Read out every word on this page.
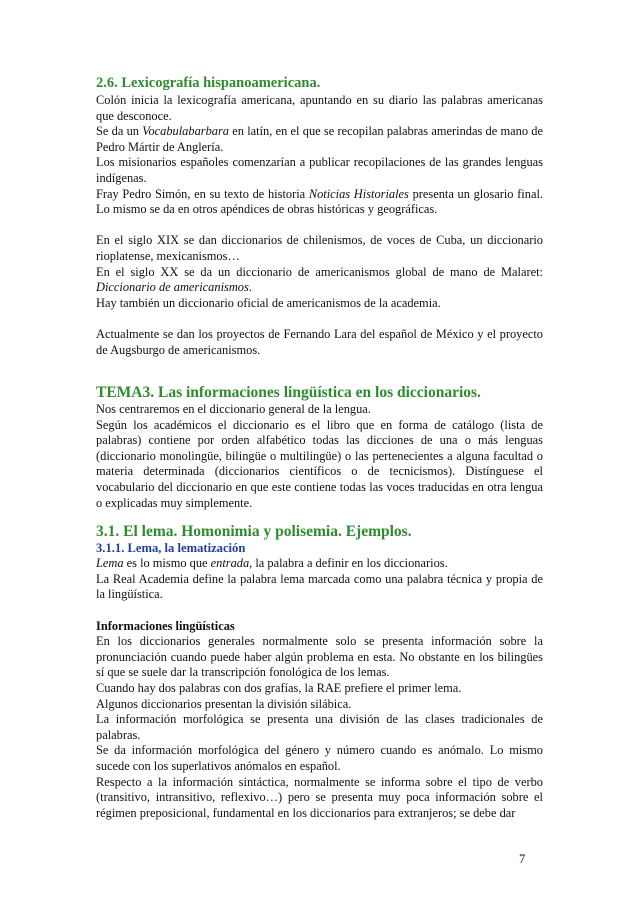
2.6. Lexicografía hispanoamericana.

Colón inicia la lexicografía americana, apuntando en su diario las palabras americanas que desconoce.

Se da un Vocabulabarbara en latín, en el que se recopilan palabras amerindas de mano de Pedro Mártir de Anglería.

Los misionarios españoles comenzarían a publicar recopilaciones de las grandes lenguas indígenas.

Fray Pedro Simón, en su texto de historia Noticias Historiales presenta un glosario final. Lo mismo se da en otros apéndices de obras históricas y geográficas.

En el siglo XIX se dan diccionarios de chilenismos, de voces de Cuba, un diccionario rioplatense, mexicanismos…

En el siglo XX se da un diccionario de americanismos global de mano de Malaret: Diccionario de americanismos.

Hay también un diccionario oficial de americanismos de la academia.

Actualmente se dan los proyectos de Fernando Lara del español de México y el proyecto de Augsburgo de americanismos.

TEMA3. Las informaciones lingüística en los diccionarios.

Nos centraremos en el diccionario general de la lengua.

Según los académicos el diccionario es el libro que en forma de catálogo (lista de palabras) contiene por orden alfabético todas las dicciones de una o más lenguas (diccionario monolingüe, bilingüe o multilingüe) o las pertenecientes a alguna facultad o materia determinada (diccionarios científicos o de tecnicismos). Distínguese el vocabulario del diccionario en que este contiene todas las voces traducidas en otra lengua o explicadas muy simplemente.

3.1. El lema. Homonimia y polisemia. Ejemplos.
3.1.1. Lema, la lematización

Lema es lo mismo que entrada, la palabra a definir en los diccionarios.

La Real Academia define la palabra lema marcada como una palabra técnica y propia de la lingüística.

Informaciones lingüísticas

En los diccionarios generales normalmente solo se presenta información sobre la pronunciación cuando puede haber algún problema en esta. No obstante en los bilingües sí que se suele dar la transcripción fonológica de los lemas.

Cuando hay dos palabras con dos grafías, la RAE prefiere el primer lema.

Algunos diccionarios presentan la división silábica.

La información morfológica se presenta una división de las clases tradicionales de palabras.

Se da información morfológica del género y número cuando es anómalo. Lo mismo sucede con los superlativos anómalos en español.

Respecto a la información sintáctica, normalmente se informa sobre el tipo de verbo (transitivo, intransitivo, reflexivo…) pero se presenta muy poca información sobre el régimen preposicional, fundamental en los diccionarios para extranjeros; se debe dar

7
